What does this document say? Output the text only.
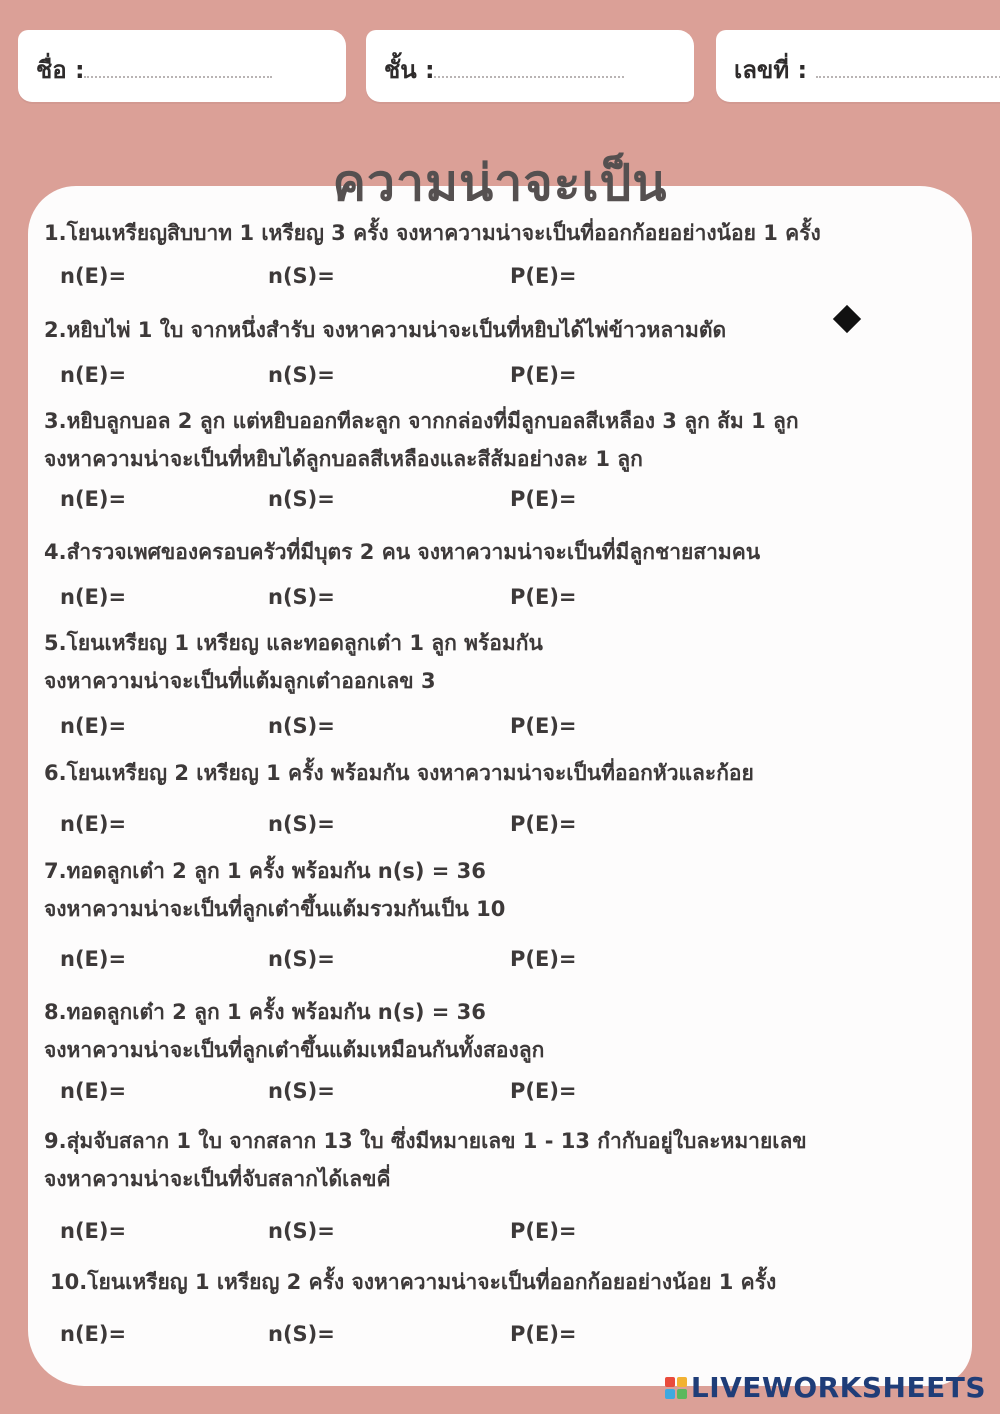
ชื่อ :	ชั้น :	เลขที่ :
ความน่าจะเป็น
1.โยนเหรียญสิบบาท 1 เหรียญ 3 ครั้ง จงหาความน่าจะเป็นที่ออกก้อยอย่างน้อย 1 ครั้ง
2.หยิบไพ่ 1 ใบ จากหนึ่งสำรับ จงหาความน่าจะเป็นที่หยิบได้ไพ่ข้าวหลามตัด
3.หยิบลูกบอล 2 ลูก แต่หยิบออกทีละลูก จากกล่องที่มีลูกบอลสีเหลือง 3 ลูก ส้ม 1 ลูก
จงหาความน่าจะเป็นที่หยิบได้ลูกบอลสีเหลืองและสีส้มอย่างละ 1 ลูก
4.สำรวจเพศของครอบครัวที่มีบุตร 2 คน จงหาความน่าจะเป็นที่มีลูกชายสามคน
5.โยนเหรียญ 1 เหรียญ และทอดลูกเต๋า 1 ลูก พร้อมกัน
จงหาความน่าจะเป็นที่แต้มลูกเต๋าออกเลข 3
6.โยนเหรียญ 2 เหรียญ 1 ครั้ง พร้อมกัน จงหาความน่าจะเป็นที่ออกหัวและก้อย
7.ทอดลูกเต๋า 2 ลูก 1 ครั้ง พร้อมกัน n(s) = 36
จงหาความน่าจะเป็นที่ลูกเต๋าขึ้นแต้มรวมกันเป็น 10
8.ทอดลูกเต๋า 2 ลูก 1 ครั้ง พร้อมกัน n(s) = 36
จงหาความน่าจะเป็นที่ลูกเต๋าขึ้นแต้มเหมือนกันทั้งสองลูก
9.สุ่มจับสลาก 1 ใบ จากสลาก 13 ใบ ซึ่งมีหมายเลข 1 - 13 กำกับอยู่ใบละหมายเลข
จงหาความน่าจะเป็นที่จับสลากได้เลขคี่
10.โยนเหรียญ 1 เหรียญ 2 ครั้ง จงหาความน่าจะเป็นที่ออกก้อยอย่างน้อย 1 ครั้ง
n(E)=	n(S)=	P(E)=
n(E)=	n(S)=	P(E)=
n(E)=	n(S)=	P(E)=
n(E)=	n(S)=	P(E)=
n(E)=	n(S)=	P(E)=
n(E)=	n(S)=	P(E)=
n(E)=	n(S)=	P(E)=
n(E)=	n(S)=	P(E)=
n(E)=	n(S)=	P(E)=
n(E)=	n(S)=	P(E)=
LIVEWORKSHEETS
